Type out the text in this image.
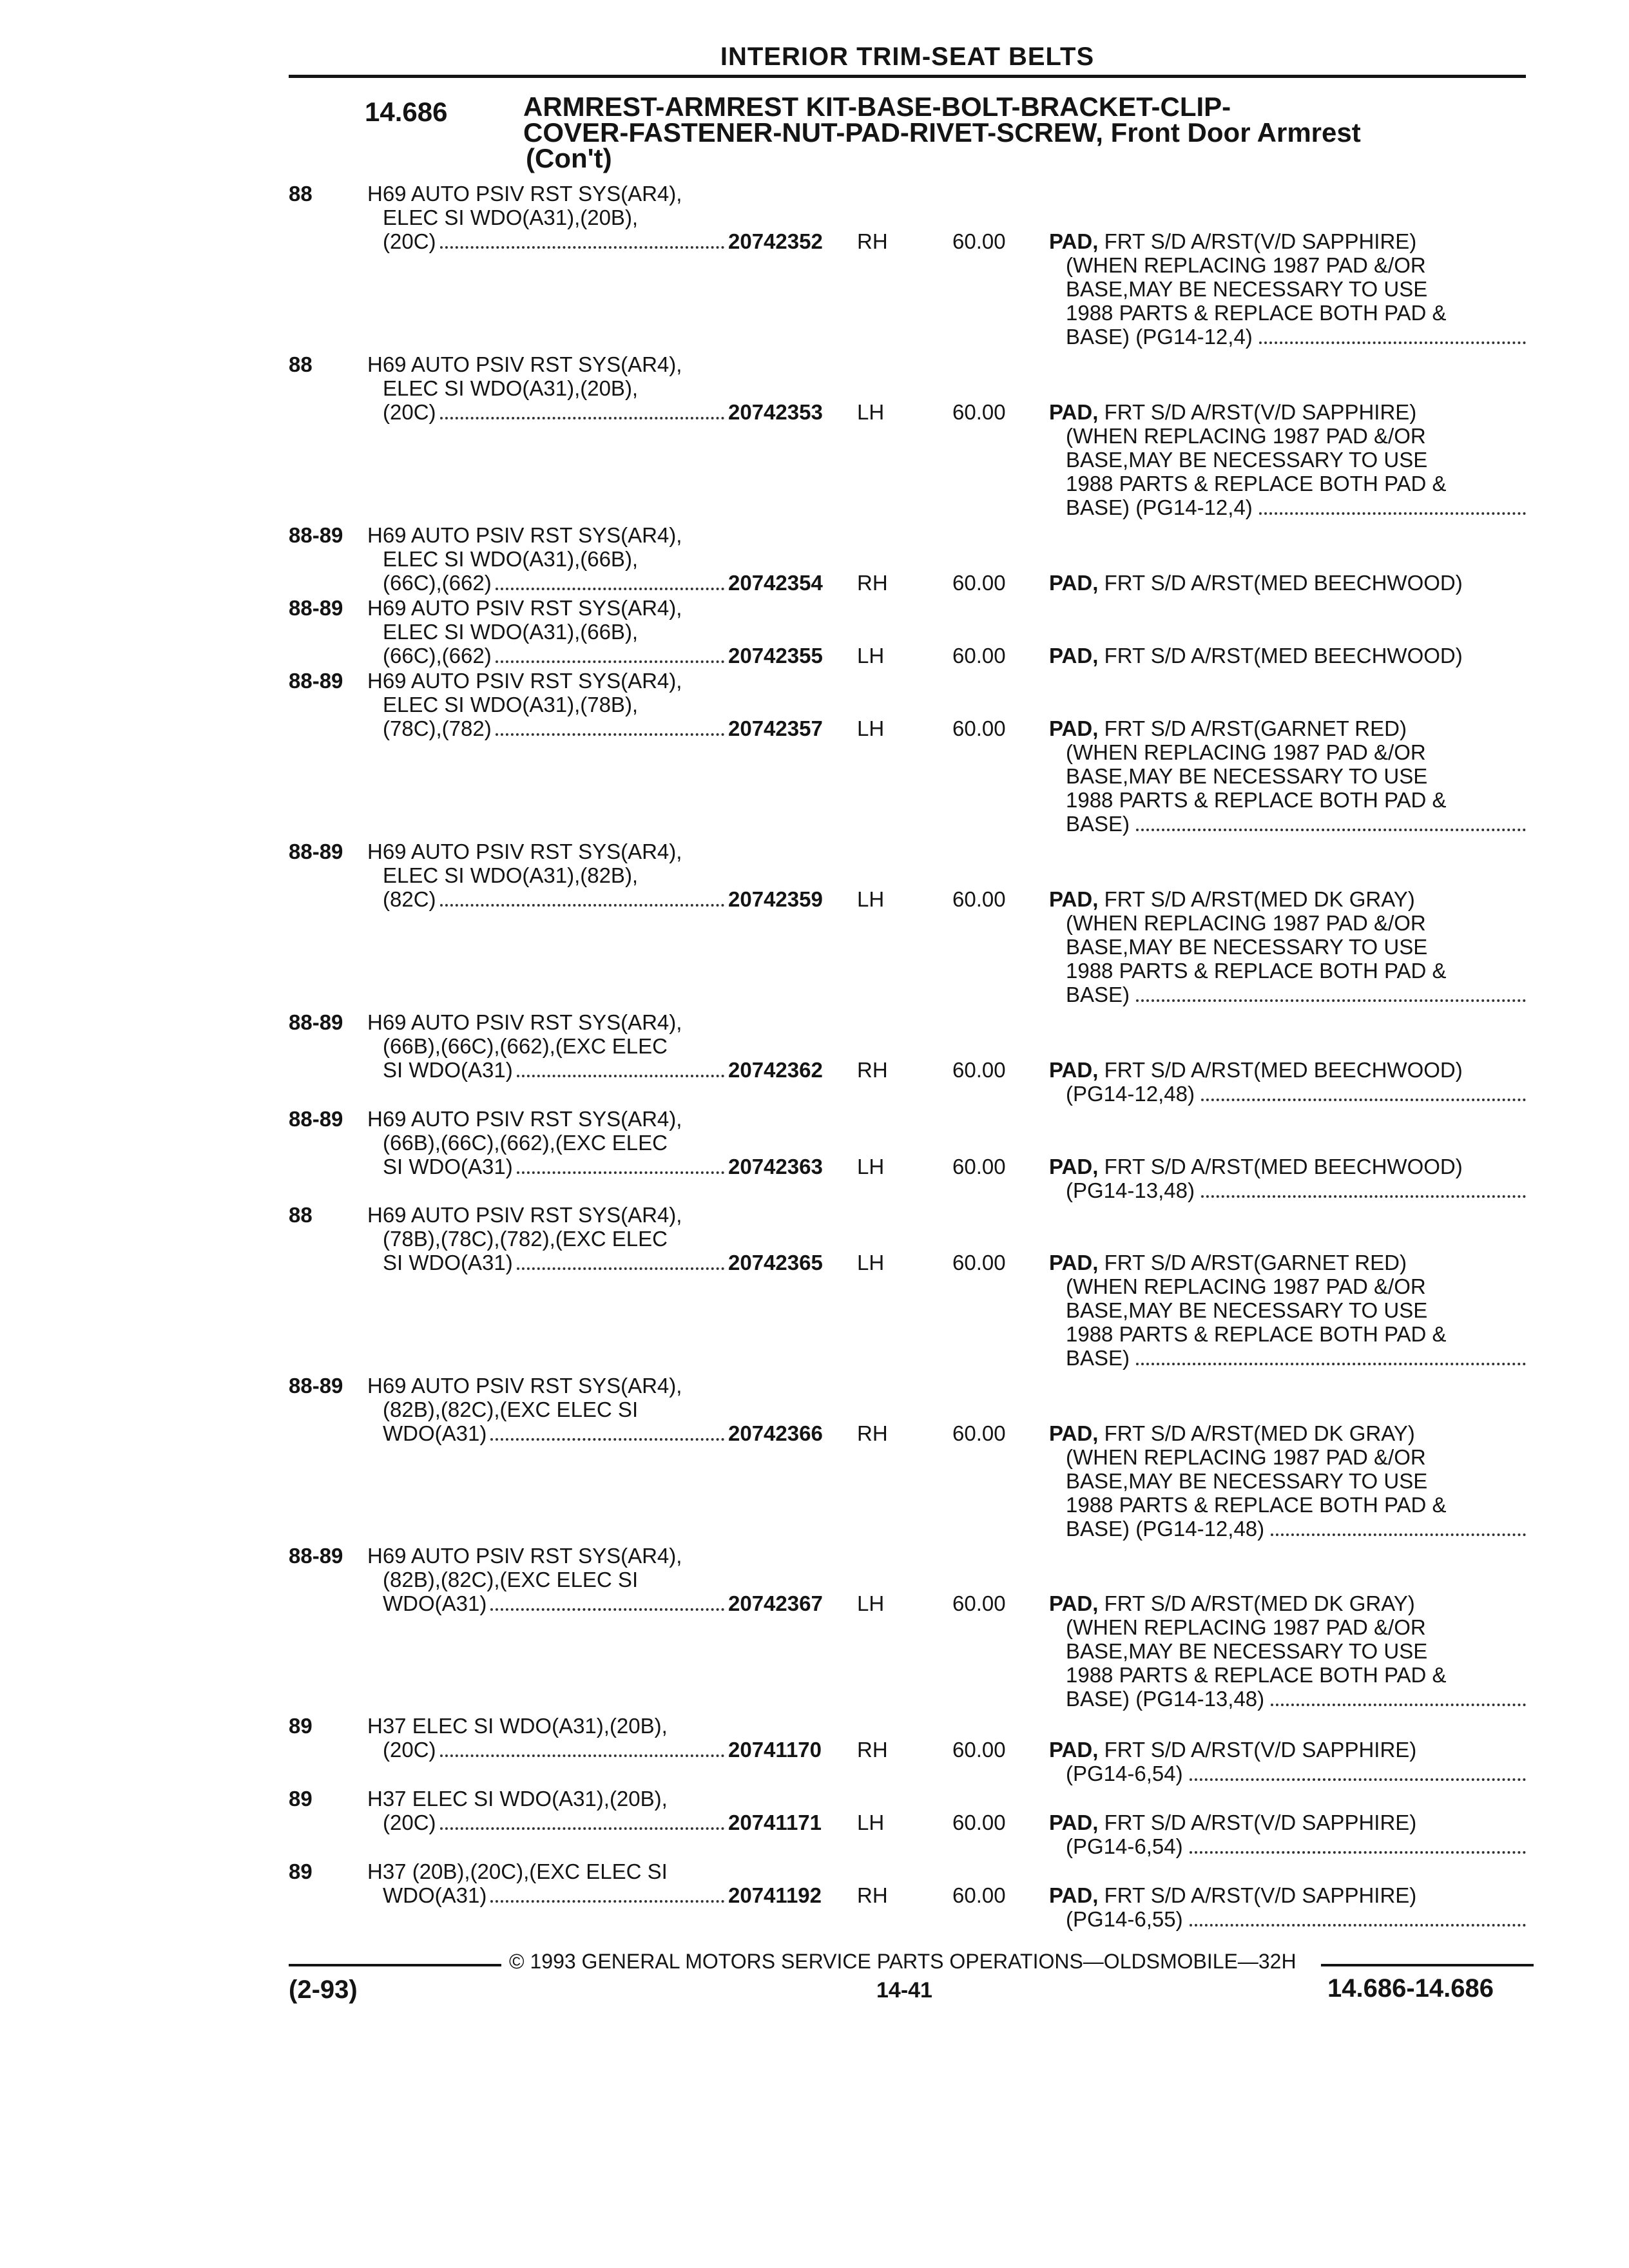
INTERIOR TRIM-SEAT BELTS
14.686	ARMREST-ARMREST KIT-BASE-BOLT-BRACKET-CLIP-
COVER-FASTENER-NUT-PAD-RIVET-SCREW, Front Door Armrest
(Con't)
88	H69 AUTO PSIV RST SYS(AR4),
ELEC SI WDO(A31),(20B),
(20C)	20742352 RH	60.00 PAD, FRT S/D A/RST(V/D SAPPHIRE)
(WHEN REPLACING 1987 PAD &/OR
BASE,MAY BE NECESSARY TO USE
1988 PARTS & REPLACE BOTH PAD &
BASE) (PG14-12,4)
88	H69 AUTO PSIV RST SYS(AR4),
ELEC SI WDO(A31),(20B),
(20C)	20742353 LH	60.00 PAD, FRT S/D A/RST(V/D SAPPHIRE)
(WHEN REPLACING 1987 PAD &/OR
BASE,MAY BE NECESSARY TO USE
1988 PARTS & REPLACE BOTH PAD &
BASE) (PG14-12,4)
88-89 H69 AUTO PSIV RST SYS(AR4),
ELEC SI WDO(A31),(66B),
(66C),(662)	20742354 RH	60.00 PAD, FRT S/D A/RST(MED BEECHWOOD)
88-89 H69 AUTO PSIV RST SYS(AR4),
ELEC SI WDO(A31),(66B),
(66C),(662)	20742355 LH	60.00 PAD, FRT S/D A/RST(MED BEECHWOOD)
88-89 H69 AUTO PSIV RST SYS(AR4),
ELEC SI WDO(A31),(78B),
(78C),(782)	20742357 LH	60.00 PAD, FRT S/D A/RST(GARNET RED)
(WHEN REPLACING 1987 PAD &/OR
BASE,MAY BE NECESSARY TO USE
1988 PARTS & REPLACE BOTH PAD &
BASE)
88-89 H69 AUTO PSIV RST SYS(AR4),
ELEC SI WDO(A31),(82B),
(82C)	20742359 LH	60.00 PAD, FRT S/D A/RST(MED DK GRAY)
(WHEN REPLACING 1987 PAD &/OR
BASE,MAY BE NECESSARY TO USE
1988 PARTS & REPLACE BOTH PAD &
BASE)
88-89 H69 AUTO PSIV RST SYS(AR4),
(66B),(66C),(662),(EXC ELEC
SI WDO(A31)	20742362 RH	60.00 PAD, FRT S/D A/RST(MED BEECHWOOD)
(PG14-12,48)
88-89 H69 AUTO PSIV RST SYS(AR4),
(66B),(66C),(662),(EXC ELEC
SI WDO(A31)	20742363 LH	60.00 PAD, FRT S/D A/RST(MED BEECHWOOD)
(PG14-13,48)
88	H69 AUTO PSIV RST SYS(AR4),
(78B),(78C),(782),(EXC ELEC
SI WDO(A31)	20742365 LH	60.00 PAD, FRT S/D A/RST(GARNET RED)
(WHEN REPLACING 1987 PAD &/OR
BASE,MAY BE NECESSARY TO USE
1988 PARTS & REPLACE BOTH PAD &
BASE)
88-89 H69 AUTO PSIV RST SYS(AR4),
(82B),(82C),(EXC ELEC SI
WDO(A31)	20742366 RH	60.00 PAD, FRT S/D A/RST(MED DK GRAY)
(WHEN REPLACING 1987 PAD &/OR
BASE,MAY BE NECESSARY TO USE
1988 PARTS & REPLACE BOTH PAD &
BASE) (PG14-12,48)
88-89 H69 AUTO PSIV RST SYS(AR4),
(82B),(82C),(EXC ELEC SI
WDO(A31)	20742367 LH	60.00 PAD, FRT S/D A/RST(MED DK GRAY)
(WHEN REPLACING 1987 PAD &/OR
BASE,MAY BE NECESSARY TO USE
1988 PARTS & REPLACE BOTH PAD &
BASE) (PG14-13,48)
89	H37 ELEC SI WDO(A31),(20B),
(20C)	20741170 RH	60.00 PAD, FRT S/D A/RST(V/D SAPPHIRE)
(PG14-6,54)
89	H37 ELEC SI WDO(A31),(20B),
(20C)	20741171 LH	60.00 PAD, FRT S/D A/RST(V/D SAPPHIRE)
(PG14-6,54)
89	H37 (20B),(20C),(EXC ELEC SI
WDO(A31)	20741192 RH	60.00 PAD, FRT S/D A/RST(V/D SAPPHIRE)
(PG14-6,55)
© 1993 GENERAL MOTORS SERVICE PARTS OPERATIONS—OLDSMOBILE—32H
(2-93)	14-41	14.686-14.686
